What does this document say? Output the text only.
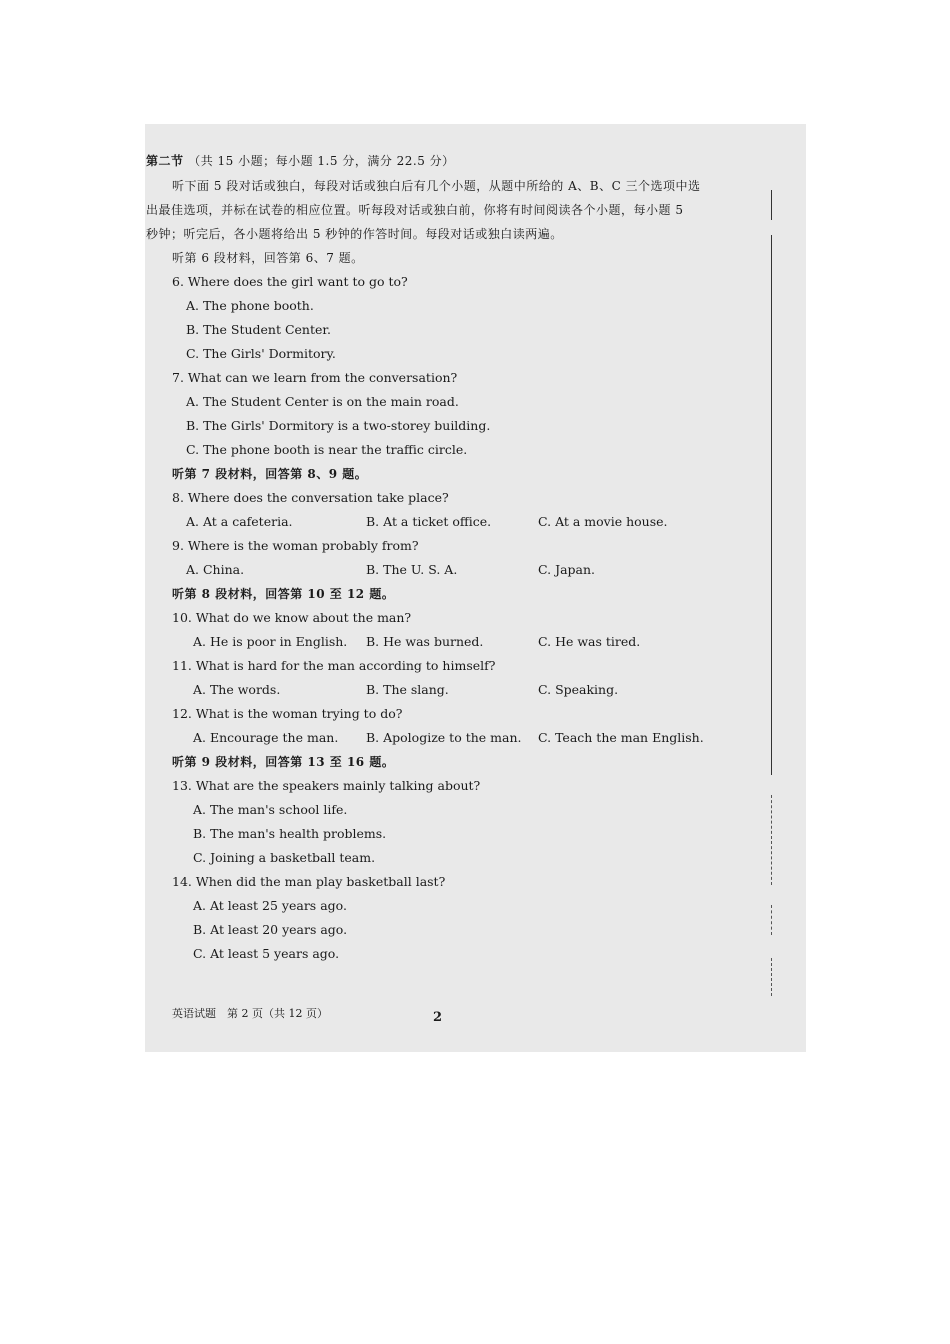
第二节 （共 15 小题；每小题 1.5 分，满分 22.5 分）
听下面 5 段对话或独白，每段对话或独白后有几个小题，从题中所给的 A、B、C 三个选项中选
出最佳选项，并标在试卷的相应位置。听每段对话或独白前，你将有时间阅读各个小题，每小题 5
秒钟；听完后，各小题将给出 5 秒钟的作答时间。每段对话或独白读两遍。
听第 6 段材料，回答第 6、7 题。
6. Where does the girl want to go to?
A. The phone booth.
B. The Student Center.
C. The Girls' Dormitory.
7. What can we learn from the conversation?
A. The Student Center is on the main road.
B. The Girls' Dormitory is a two-storey building.
C. The phone booth is near the traffic circle.
听第 7 段材料，回答第 8、9 题。
8. Where does the conversation take place?
A. At a cafeteria.	B. At a ticket office.	C. At a movie house.
9. Where is the woman probably from?
A. China.	B. The U. S. A.	C. Japan.
听第 8 段材料，回答第 10 至 12 题。
10. What do we know about the man?
A. He is poor in English. B. He was burned.	C. He was tired.
11. What is hard for the man according to himself?
A. The words.	B. The slang.	C. Speaking.
12. What is the woman trying to do?
A. Encourage the man. B. Apologize to the man. C. Teach the man English.
听第 9 段材料，回答第 13 至 16 题。
13. What are the speakers mainly talking about?
A. The man's school life.
B. The man's health problems.
C. Joining a basketball team.
14. When did the man play basketball last?
A. At least 25 years ago.
B. At least 20 years ago.
C. At least 5 years ago.
英语试题　第 2 页（共 12 页）	2
